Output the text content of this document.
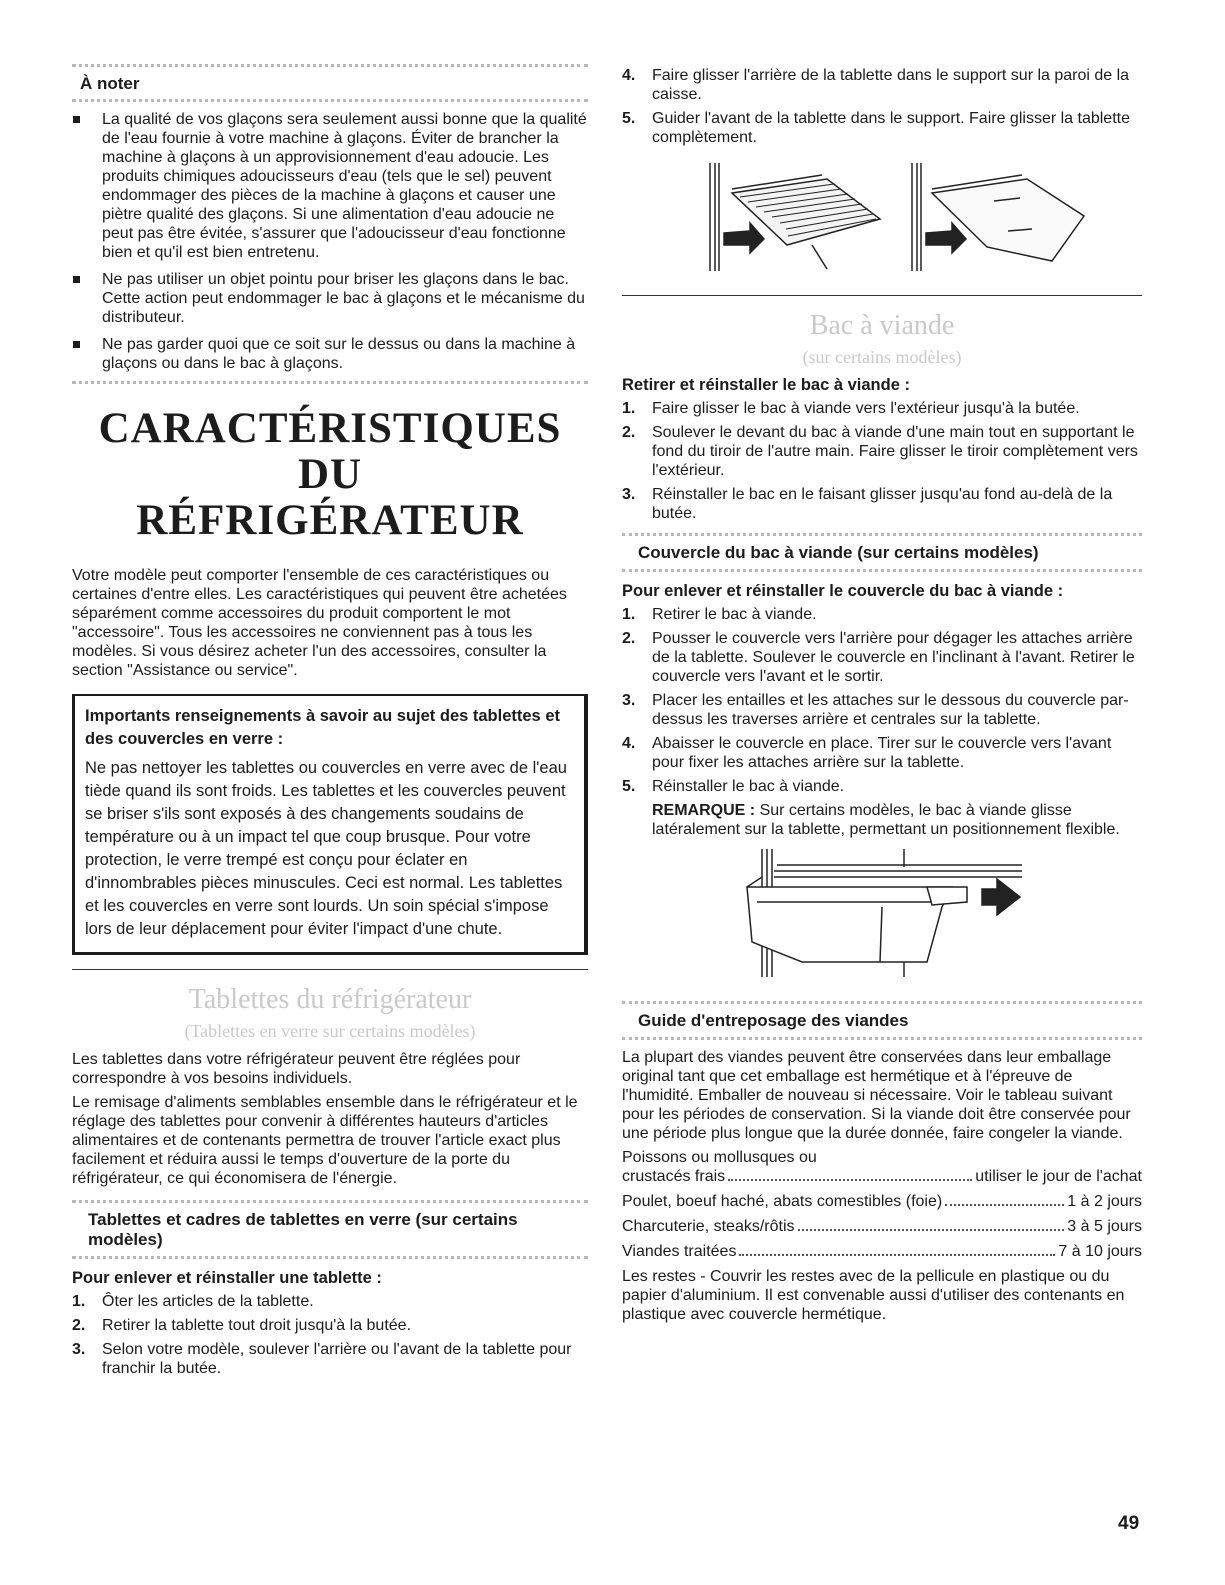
À noter
La qualité de vos glaçons sera seulement aussi bonne que la qualité de l'eau fournie à votre machine à glaçons. Éviter de brancher la machine à glaçons à un approvisionnement d'eau adoucie. Les produits chimiques adoucisseurs d'eau (tels que le sel) peuvent endommager des pièces de la machine à glaçons et causer une piètre qualité des glaçons. Si une alimentation d'eau adoucie ne peut pas être évitée, s'assurer que l'adoucisseur d'eau fonctionne bien et qu'il est bien entretenu.
Ne pas utiliser un objet pointu pour briser les glaçons dans le bac. Cette action peut endommager le bac à glaçons et le mécanisme du distributeur.
Ne pas garder quoi que ce soit sur le dessus ou dans la machine à glaçons ou dans le bac à glaçons.
CARACTÉRISTIQUES DU
RÉFRIGÉRATEUR

Votre modèle peut comporter l'ensemble de ces caractéristiques ou certaines d'entre elles. Les caractéristiques qui peuvent être achetées séparément comme accessoires du produit comportent le mot "accessoire". Tous les accessoires ne conviennent pas à tous les modèles. Si vous désirez acheter l'un des accessoires, consulter la section "Assistance ou service".

Importants renseignements à savoir au sujet des tablettes et des couvercles en verre :
Ne pas nettoyer les tablettes ou couvercles en verre avec de l'eau tiède quand ils sont froids. Les tablettes et les couvercles peuvent se briser s'ils sont exposés à des changements soudains de température ou à un impact tel que coup brusque. Pour votre protection, le verre trempé est conçu pour éclater en d'innombrables pièces minuscules. Ceci est normal. Les tablettes et les couvercles en verre sont lourds. Un soin spécial s'impose lors de leur déplacement pour éviter l'impact d'une chute.
Tablettes du réfrigérateur
(Tablettes en verre sur certains modèles)

Les tablettes dans votre réfrigérateur peuvent être réglées pour correspondre à vos besoins individuels.

Le remisage d'aliments semblables ensemble dans le réfrigérateur et le réglage des tablettes pour convenir à différentes hauteurs d'articles alimentaires et de contenants permettra de trouver l'article exact plus facilement et réduira aussi le temps d'ouverture de la porte du réfrigérateur, ce qui économisera de l'énergie.

Tablettes et cadres de tablettes en verre (sur certains modèles)
Pour enlever et réinstaller une tablette :
1. Ôter les articles de la tablette.
2. Retirer la tablette tout droit jusqu'à la butée.
3. Selon votre modèle, soulever l'arrière ou l'avant de la tablette pour franchir la butée.
4. Faire glisser l'arrière de la tablette dans le support sur la paroi de la caisse.
5. Guider l'avant de la tablette dans le support. Faire glisser la tablette complètement.
Bac à viande
(sur certains modèles)
Retirer et réinstaller le bac à viande :
1. Faire glisser le bac à viande vers l'extérieur jusqu'à la butée.
2. Soulever le devant du bac à viande d'une main tout en supportant le fond du tiroir de l'autre main. Faire glisser le tiroir complètement vers l'extérieur.
3. Réinstaller le bac en le faisant glisser jusqu'au fond au-delà de la butée.
Couvercle du bac à viande (sur certains modèles)
Pour enlever et réinstaller le couvercle du bac à viande :
1. Retirer le bac à viande.
2. Pousser le couvercle vers l'arrière pour dégager les attaches arrière de la tablette. Soulever le couvercle en l'inclinant à l'avant. Retirer le couvercle vers l'avant et le sortir.
3. Placer les entailles et les attaches sur le dessous du couvercle par-dessus les traverses arrière et centrales sur la tablette.
4. Abaisser le couvercle en place. Tirer sur le couvercle vers l'avant pour fixer les attaches arrière sur la tablette.
5. Réinstaller le bac à viande.
REMARQUE : Sur certains modèles, le bac à viande glisse latéralement sur la tablette, permettant un positionnement flexible.
Guide d'entreposage des viandes

La plupart des viandes peuvent être conservées dans leur emballage original tant que cet emballage est hermétique et à l'épreuve de l'humidité. Emballer de nouveau si nécessaire. Voir le tableau suivant pour les périodes de conservation. Si la viande doit être conservée pour une période plus longue que la durée donnée, faire congeler la viande.

Poissons ou mollusques ou
crustacés frais	utiliser le jour de l'achat
Poulet, boeuf haché, abats comestibles (foie)	1 à 2 jours
Charcuterie, steaks/rôtis	3 à 5 jours
Viandes traitées	7 à 10 jours

Les restes - Couvrir les restes avec de la pellicule en plastique ou du papier d'aluminium. Il est convenable aussi d'utiliser des contenants en plastique avec couvercle hermétique.

49
